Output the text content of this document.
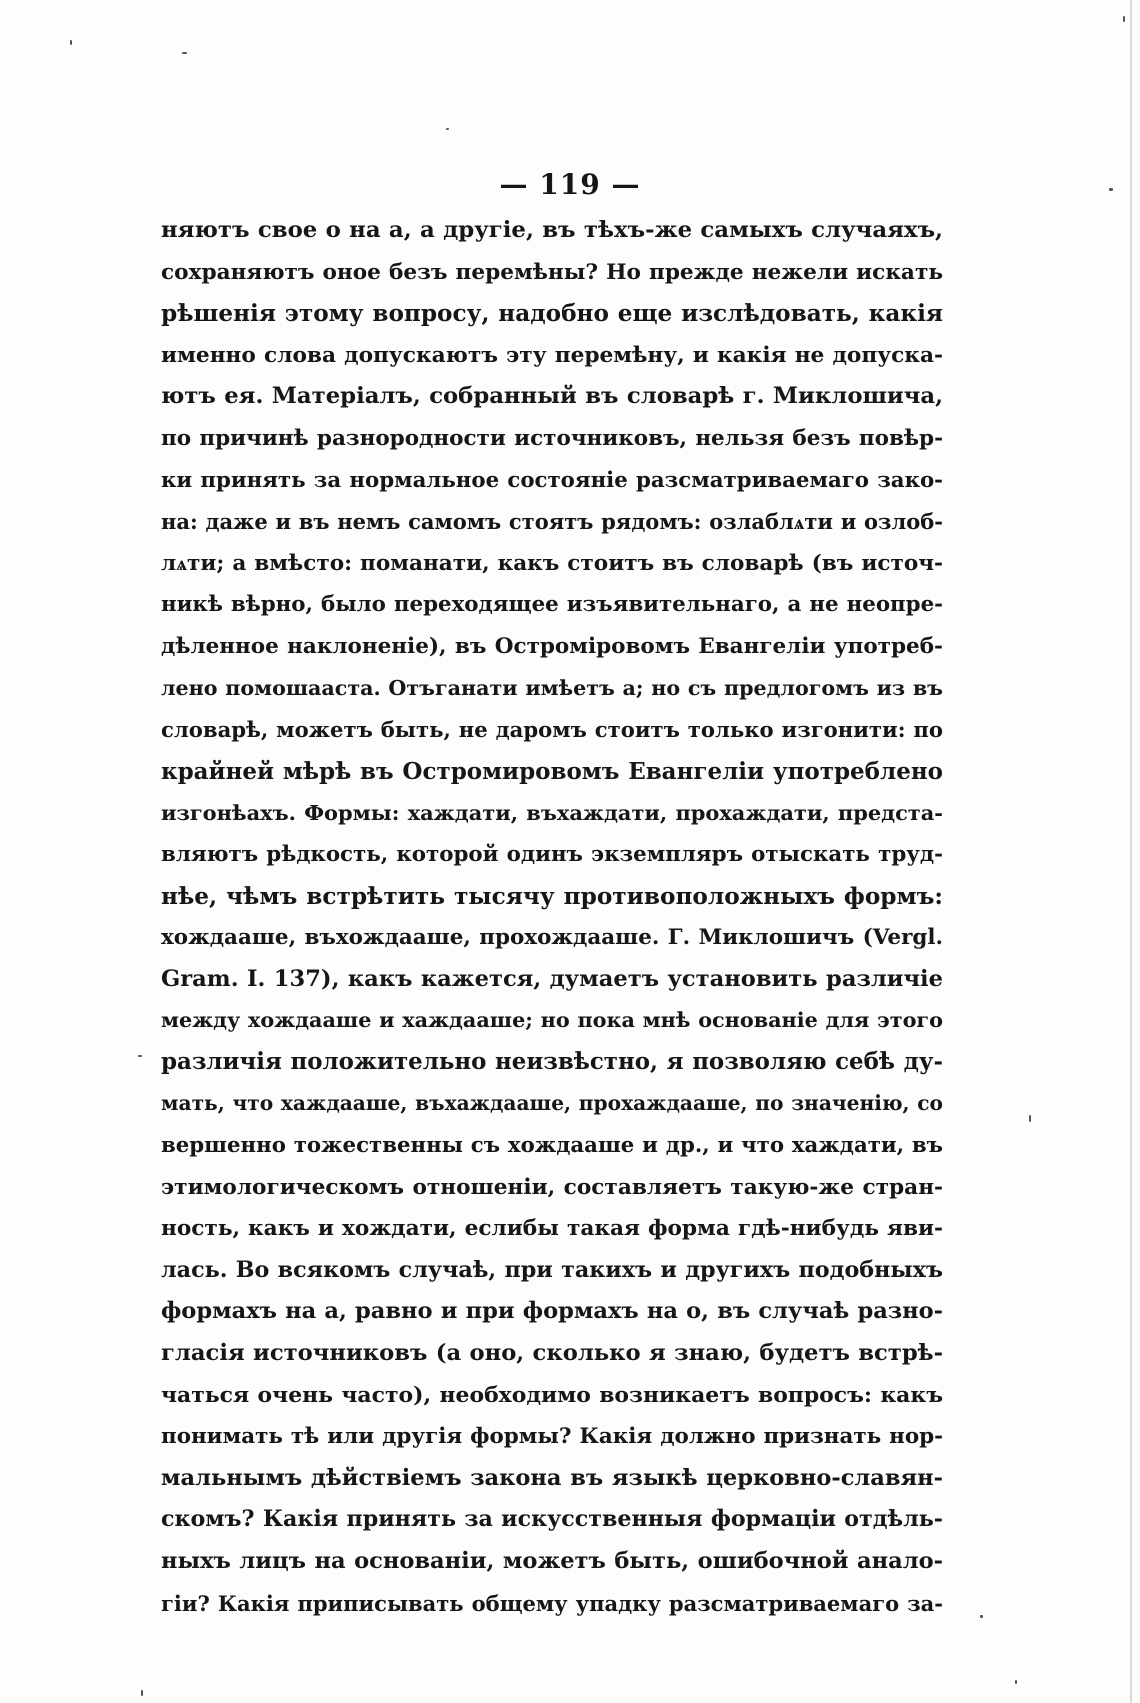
— 119 —
няютъ свое о на а, а другіе, въ тѣхъ-же самыхъ случаяхъ,
сохраняютъ оное безъ перемѣны? Но прежде нежели искать
рѣшенія этому вопросу, надобно еще изслѣдовать, какія
именно слова допускаютъ эту перемѣну, и какія не допуска-
ютъ ея. Матеріалъ, собранный въ словарѣ г. Миклошича,
по причинѣ разнородности источниковъ, нельзя безъ повѣр-
ки принять за нормальное состояніе разсматриваемаго зако-
на: даже и въ немъ самомъ стоятъ рядомъ: озлаблѧти и озлоб-
лѧти; а вмѣсто: поманати, какъ стоитъ въ словарѣ (въ источ-
никѣ вѣрно, было переходящее изъявительнаго, а не неопре-
дѣленное наклоненіе), въ Остроміровомъ Евангеліи употреб-
лено помошааста. Отъганати имѣетъ а; но съ предлогомъ из въ
словарѣ, можетъ быть, не даромъ стоитъ только изгонити: по
крайней мѣрѣ въ Остромировомъ Евангеліи употреблено
изгонѣахъ. Формы: хаждати, въхаждати, прохаждати, предста-
вляютъ рѣдкость, которой одинъ экземпляръ отыскать труд-
нѣе, чѣмъ встрѣтить тысячу противоположныхъ формъ:
хождааше, въхождааше, прохождааше. Г. Миклошичъ (Vergl.
Gram. I. 137), какъ кажется, думаетъ установить различіе
между хождааше и хаждааше; но пока мнѣ основаніе для этого
различія положительно неизвѣстно, я позволяю себѣ ду-
мать, что хаждааше, въхаждааше, прохаждааше, по значенію, со
вершенно тожественны съ хождааше и др., и что хаждати, въ
этимологическомъ отношеніи, составляетъ такую-же стран-
ность, какъ и хождати, еслибы такая форма гдѣ-нибудь яви-
лась. Во всякомъ случаѣ, при такихъ и другихъ подобныхъ
формахъ на а, равно и при формахъ на о, въ случаѣ разно-
гласія источниковъ (а оно, сколько я знаю, будетъ встрѣ-
чаться очень часто), необходимо возникаетъ вопросъ: какъ
понимать тѣ или другія формы? Какія должно признать нор-
мальнымъ дѣйствіемъ закона въ языкѣ церковно-славян-
скомъ? Какія принять за искусственныя формаціи отдѣль-
ныхъ лицъ на основаніи, можетъ быть, ошибочной анало-
гіи? Какія приписывать общему упадку разсматриваемаго за-
